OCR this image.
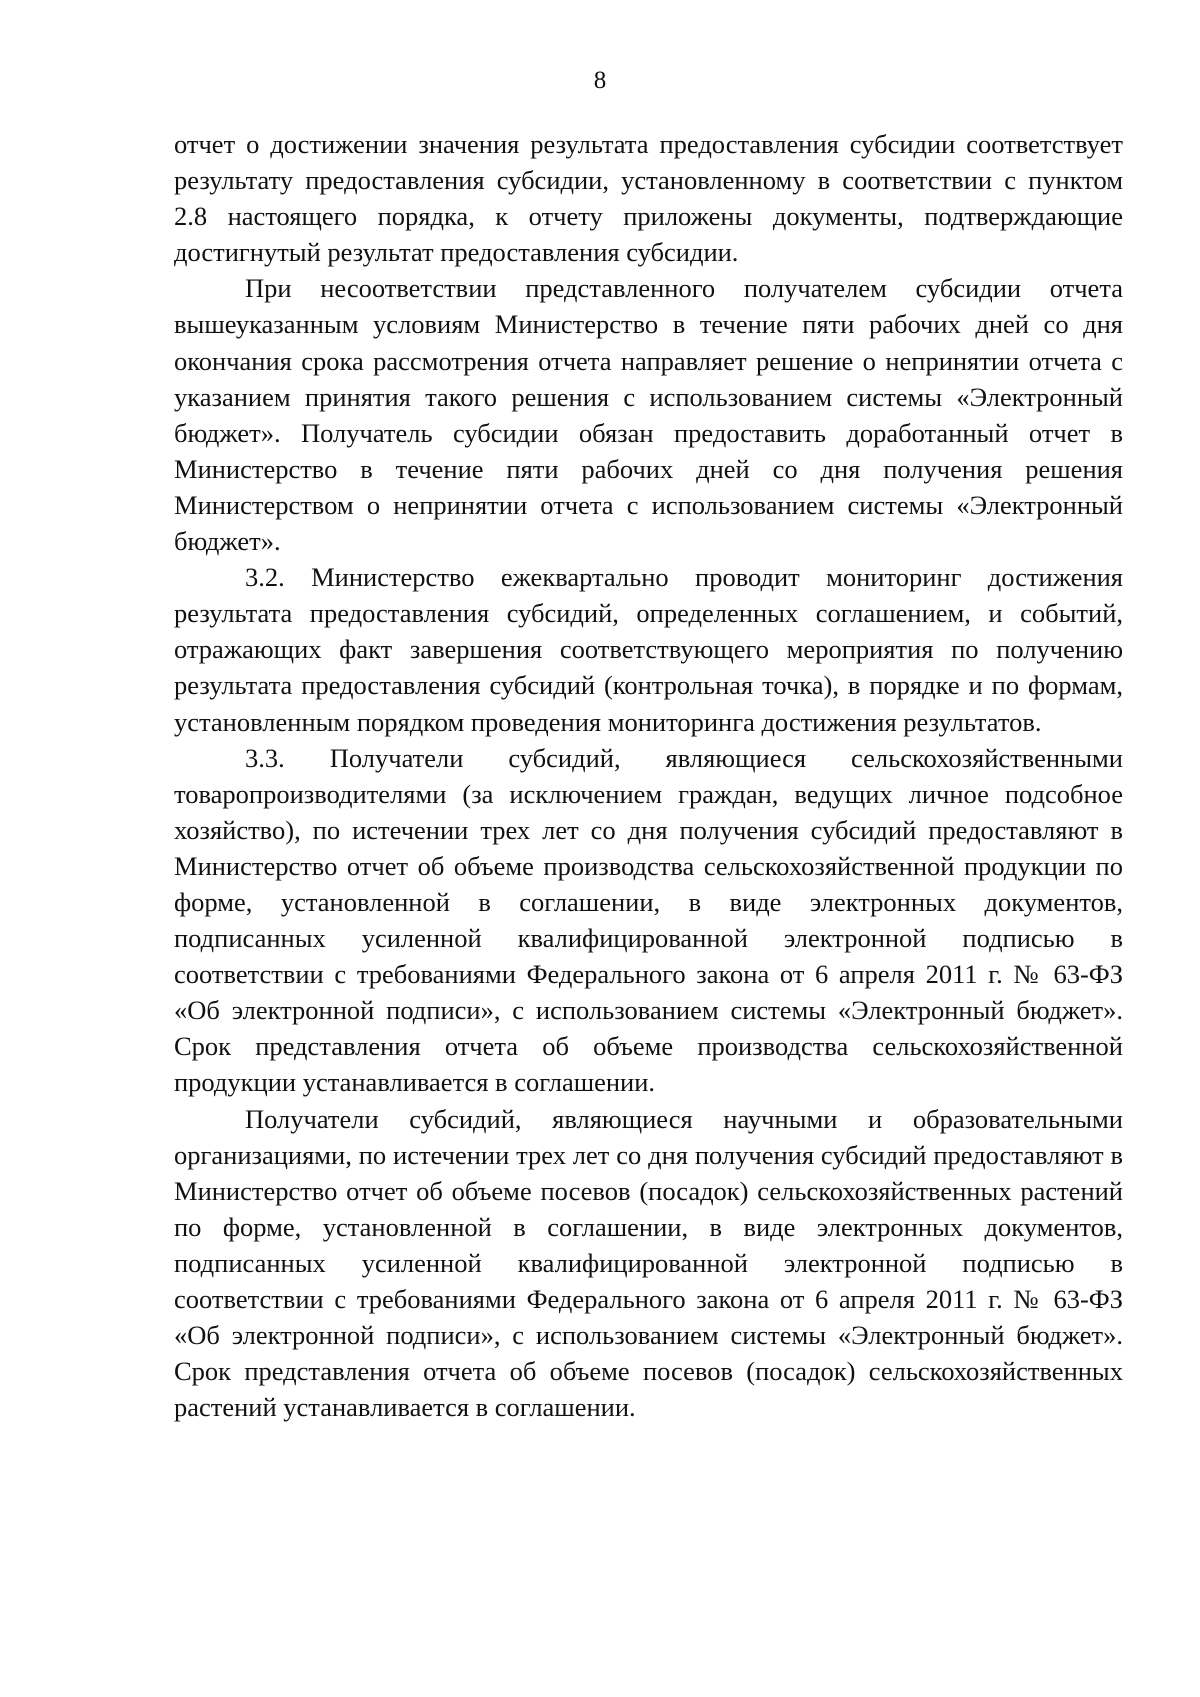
8

отчет о достижении значения результата предоставления субсидии соответствует результату предоставления субсидии, установленному в соответствии с пунктом 2.8 настоящего порядка, к отчету приложены документы, подтверждающие достигнутый результат предоставления субсидии.

При несоответствии представленного получателем субсидии отчета вышеуказанным условиям Министерство в течение пяти рабочих дней со дня окончания срока рассмотрения отчета направляет решение о непринятии отчета с указанием принятия такого решения с использованием системы «Электронный бюджет». Получатель субсидии обязан предоставить доработанный отчет в Министерство в течение пяти рабочих дней со дня получения решения Министерством о непринятии отчета с использованием системы «Электронный бюджет».

3.2. Министерство ежеквартально проводит мониторинг достижения результата предоставления субсидий, определенных соглашением, и событий, отражающих факт завершения соответствующего мероприятия по получению результата предоставления субсидий (контрольная точка), в порядке и по формам, установленным порядком проведения мониторинга достижения результатов.

3.3. Получатели субсидий, являющиеся сельскохозяйственными товаропроизводителями (за исключением граждан, ведущих личное подсобное хозяйство), по истечении трех лет со дня получения субсидий предоставляют в Министерство отчет об объеме производства сельскохозяйственной продукции по форме, установленной в соглашении, в виде электронных документов, подписанных усиленной квалифицированной электронной подписью в соответствии с требованиями Федерального закона от 6 апреля 2011 г. № 63-ФЗ «Об электронной подписи», с использованием системы «Электронный бюджет». Срок представления отчета об объеме производства сельскохозяйственной продукции устанавливается в соглашении.

Получатели субсидий, являющиеся научными и образовательными организациями, по истечении трех лет со дня получения субсидий предоставляют в Министерство отчет об объеме посевов (посадок) сельскохозяйственных растений по форме, установленной в соглашении, в виде электронных документов, подписанных усиленной квалифицированной электронной подписью в соответствии с требованиями Федерального закона от 6 апреля 2011 г. № 63-ФЗ «Об электронной подписи», с использованием системы «Электронный бюджет». Срок представления отчета об объеме посевов (посадок) сельскохозяйственных растений устанавливается в соглашении.
